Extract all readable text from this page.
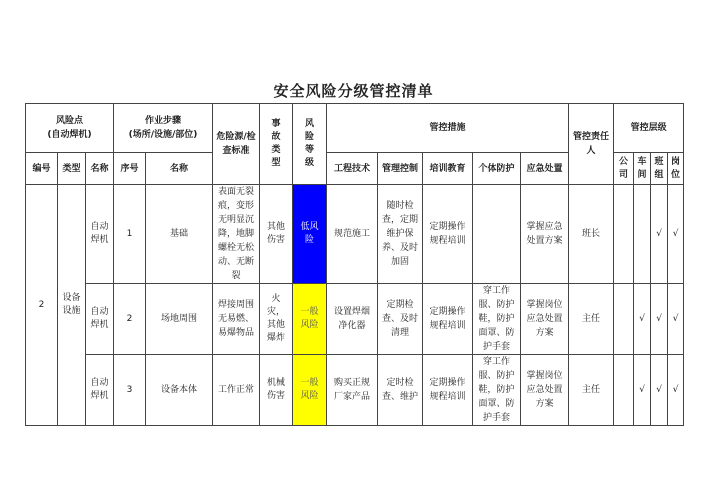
安全风险分级管控清单
风险点
(自动焊机)			作业步骤
(场所/设施/部位)		危险源/检查标准	事故类型	风险等级	管控措施					管控责任人	管控层级			
编号	类型	名称	序号	名称				工程技术	管理控制	培训教育	个体防护	应急处置		公司	车间	班组	岗位

2	设备设施	自动焊机	1	基础	表面无裂痕，变形无明显沉降，地脚螺栓无松动、无断裂	其他伤害	低风险	规范施工	随时检查，定期维护保养、及时加固	定期操作规程培训		掌握应急处置方案	班长			√	√

		自动焊机	2	场地周围	焊接周围无易燃、易爆物品	火灾，其他爆炸	一般风险	设置焊烟净化器	定期检查、及时清理	定期操作规程培训	穿工作服、防护鞋，防护面罩、防护手套	掌握岗位应急处置方案	主任		√	√	√

		自动焊机	3	设备本体	工作正常	机械伤害	一般风险	购买正规厂家产品	定时检查、维护	定期操作规程培训	穿工作服、防护鞋，防护面罩、防护手套	掌握岗位应急处置方案	主任		√	√	√
